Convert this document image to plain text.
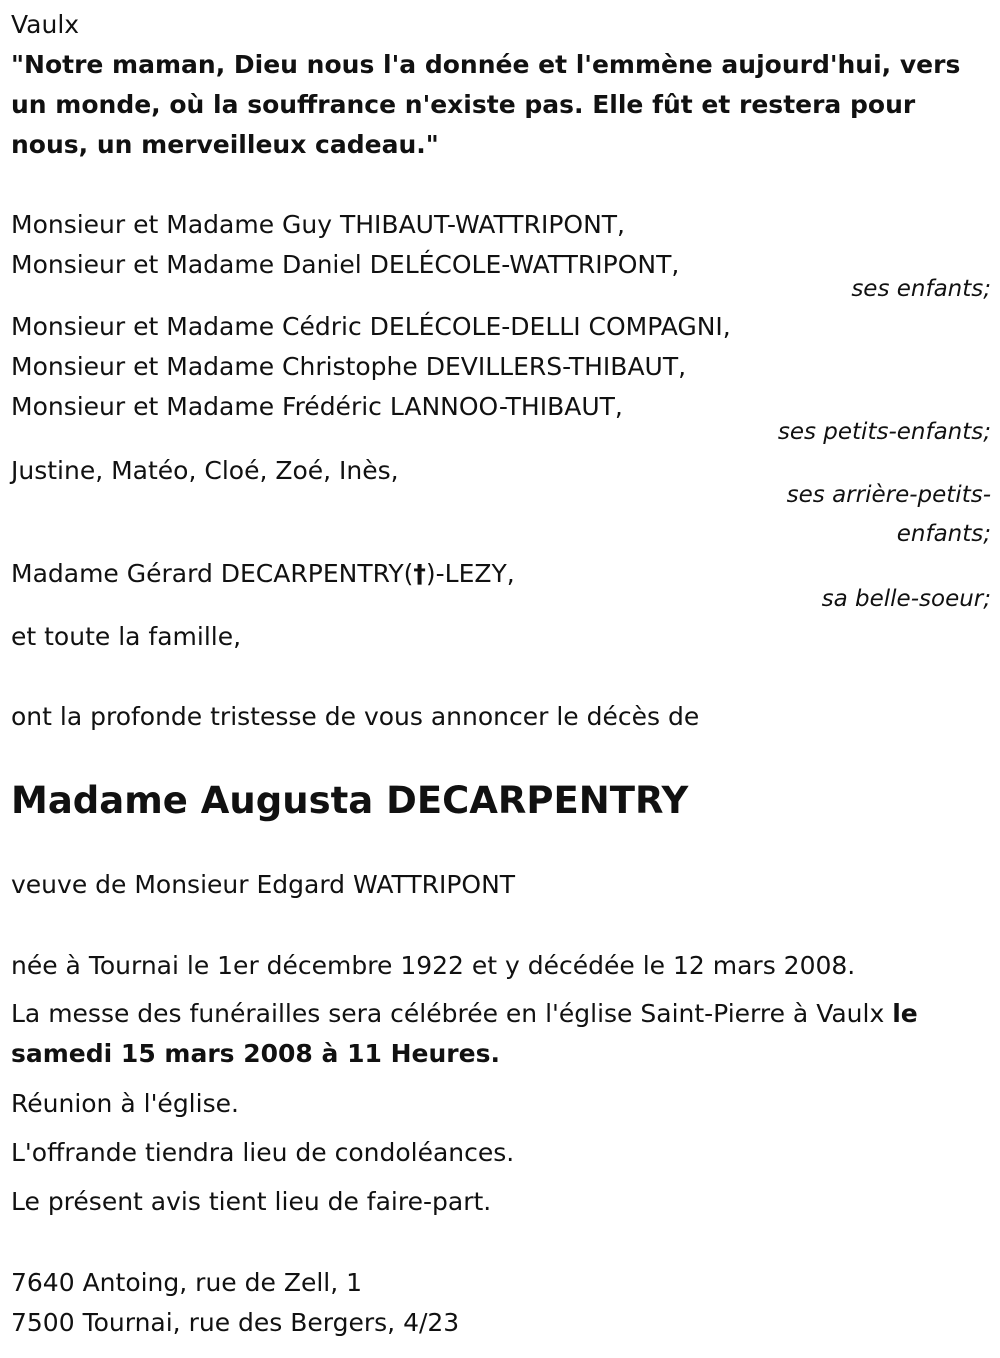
Vaulx
"Notre maman, Dieu nous l'a donnée et l'emmène aujourd'hui, vers un monde, où la souffrance n'existe pas. Elle fût et restera pour nous, un merveilleux cadeau."
Monsieur et Madame Guy THIBAUT-WATTRIPONT,
Monsieur et Madame Daniel DELÉCOLE-WATTRIPONT,
ses enfants;
Monsieur et Madame Cédric DELÉCOLE-DELLI COMPAGNI,
Monsieur et Madame Christophe DEVILLERS-THIBAUT,
Monsieur et Madame Frédéric LANNOO-THIBAUT,
ses petits-enfants;
Justine, Matéo, Cloé, Zoé, Inès,
ses arrière-petits-
enfants;
Madame Gérard DECARPENTRY(†)-LEZY,
sa belle-soeur;
et toute la famille,
ont la profonde tristesse de vous annoncer le décès de
Madame Augusta DECARPENTRY
veuve de Monsieur Edgard WATTRIPONT
née à Tournai le 1er décembre 1922 et y décédée le 12 mars 2008.
La messe des funérailles sera célébrée en l'église Saint-Pierre à Vaulx le
samedi 15 mars 2008 à 11 Heures.
Réunion à l'église.
L'offrande tiendra lieu de condoléances.
Le présent avis tient lieu de faire-part.
7640 Antoing, rue de Zell, 1
7500 Tournai, rue des Bergers, 4/23
